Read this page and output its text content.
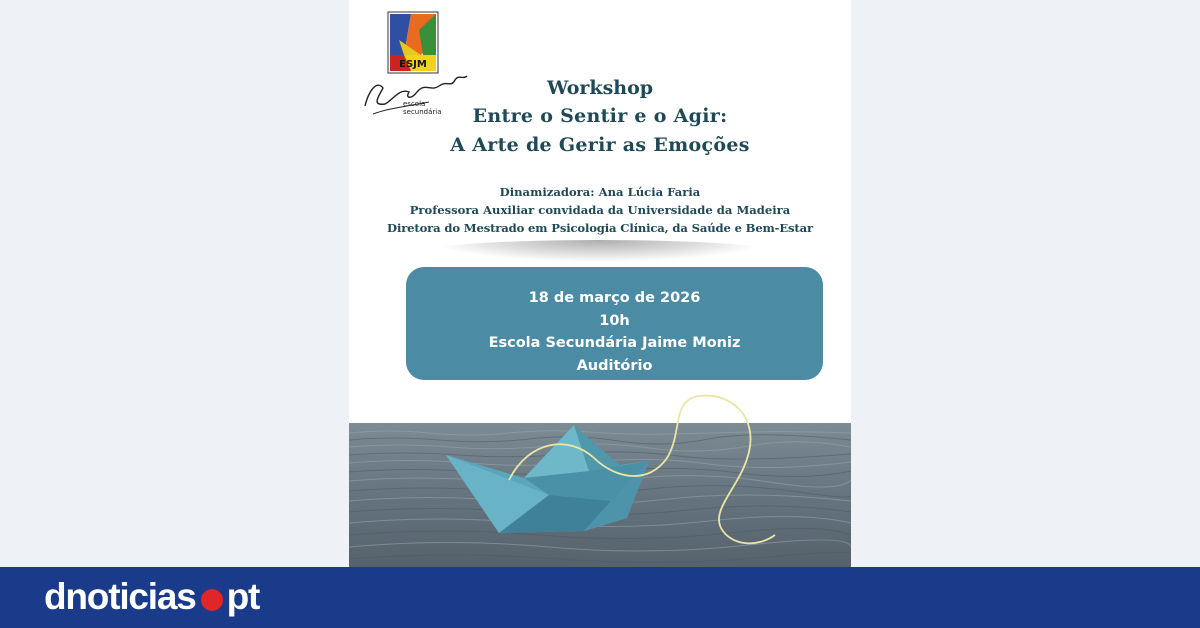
ESJM
escola
secundária
Workshop
Entre o Sentir e o Agir:
A Arte de Gerir as Emoções
Dinamizadora: Ana Lúcia Faria
Professora Auxiliar convidada da Universidade da Madeira
Diretora do Mestrado em Psicologia Clínica, da Saúde e Bem-Estar
18 de março de 2026
10h
Escola Secundária Jaime Moniz
Auditório
dnoticias pt
